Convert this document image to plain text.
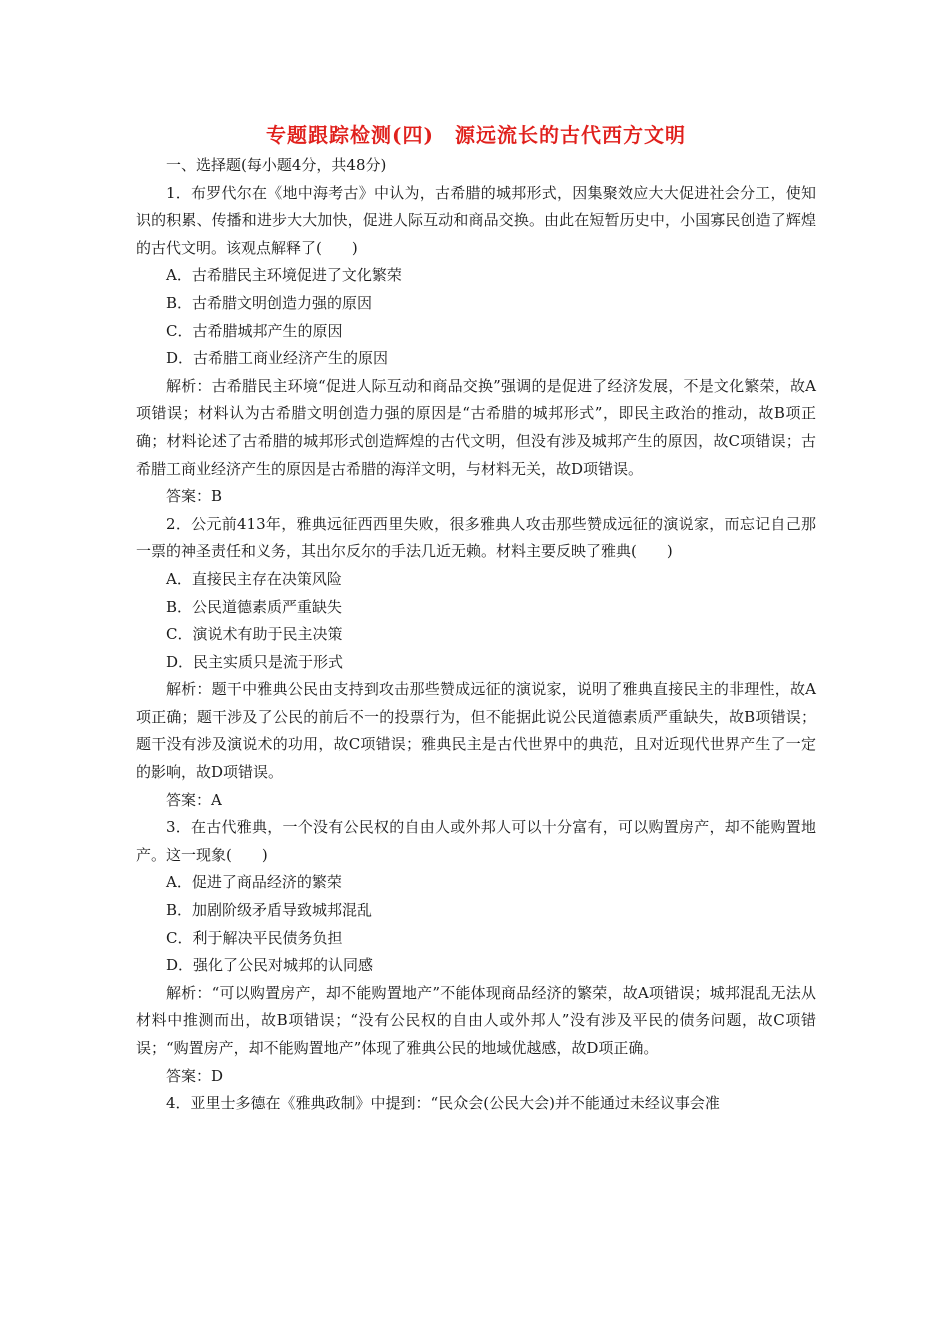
专题跟踪检测(四)　源远流长的古代西方文明
一、选择题(每小题4分，共48分)
1．布罗代尔在《地中海考古》中认为，古希腊的城邦形式，因集聚效应大大促进社会分工，使知识的积累、传播和进步大大加快，促进人际互动和商品交换。由此在短暂历史中，小国寡民创造了辉煌的古代文明。该观点解释了(　　)
A．古希腊民主环境促进了文化繁荣
B．古希腊文明创造力强的原因
C．古希腊城邦产生的原因
D．古希腊工商业经济产生的原因
解析：古希腊民主环境“促进人际互动和商品交换”强调的是促进了经济发展，不是文化繁荣，故A项错误；材料认为古希腊文明创造力强的原因是“古希腊的城邦形式”，即民主政治的推动，故B项正确；材料论述了古希腊的城邦形式创造辉煌的古代文明，但没有涉及城邦产生的原因，故C项错误；古希腊工商业经济产生的原因是古希腊的海洋文明，与材料无关，故D项错误。
答案：B
2．公元前413年，雅典远征西西里失败，很多雅典人攻击那些赞成远征的演说家，而忘记自己那一票的神圣责任和义务，其出尔反尔的手法几近无赖。材料主要反映了雅典(　　)
A．直接民主存在决策风险
B．公民道德素质严重缺失
C．演说术有助于民主决策
D．民主实质只是流于形式
解析：题干中雅典公民由支持到攻击那些赞成远征的演说家，说明了雅典直接民主的非理性，故A项正确；题干涉及了公民的前后不一的投票行为，但不能据此说公民道德素质严重缺失，故B项错误；题干没有涉及演说术的功用，故C项错误；雅典民主是古代世界中的典范，且对近现代世界产生了一定的影响，故D项错误。
答案：A
3．在古代雅典，一个没有公民权的自由人或外邦人可以十分富有，可以购置房产，却不能购置地产。这一现象(　　)
A．促进了商品经济的繁荣
B．加剧阶级矛盾导致城邦混乱
C．利于解决平民债务负担
D．强化了公民对城邦的认同感
解析：“可以购置房产，却不能购置地产”不能体现商品经济的繁荣，故A项错误；城邦混乱无法从材料中推测而出，故B项错误；“没有公民权的自由人或外邦人”没有涉及平民的债务问题，故C项错误；“购置房产，却不能购置地产”体现了雅典公民的地域优越感，故D项正确。
答案：D
4．亚里士多德在《雅典政制》中提到：“民众会(公民大会)并不能通过未经议事会准
